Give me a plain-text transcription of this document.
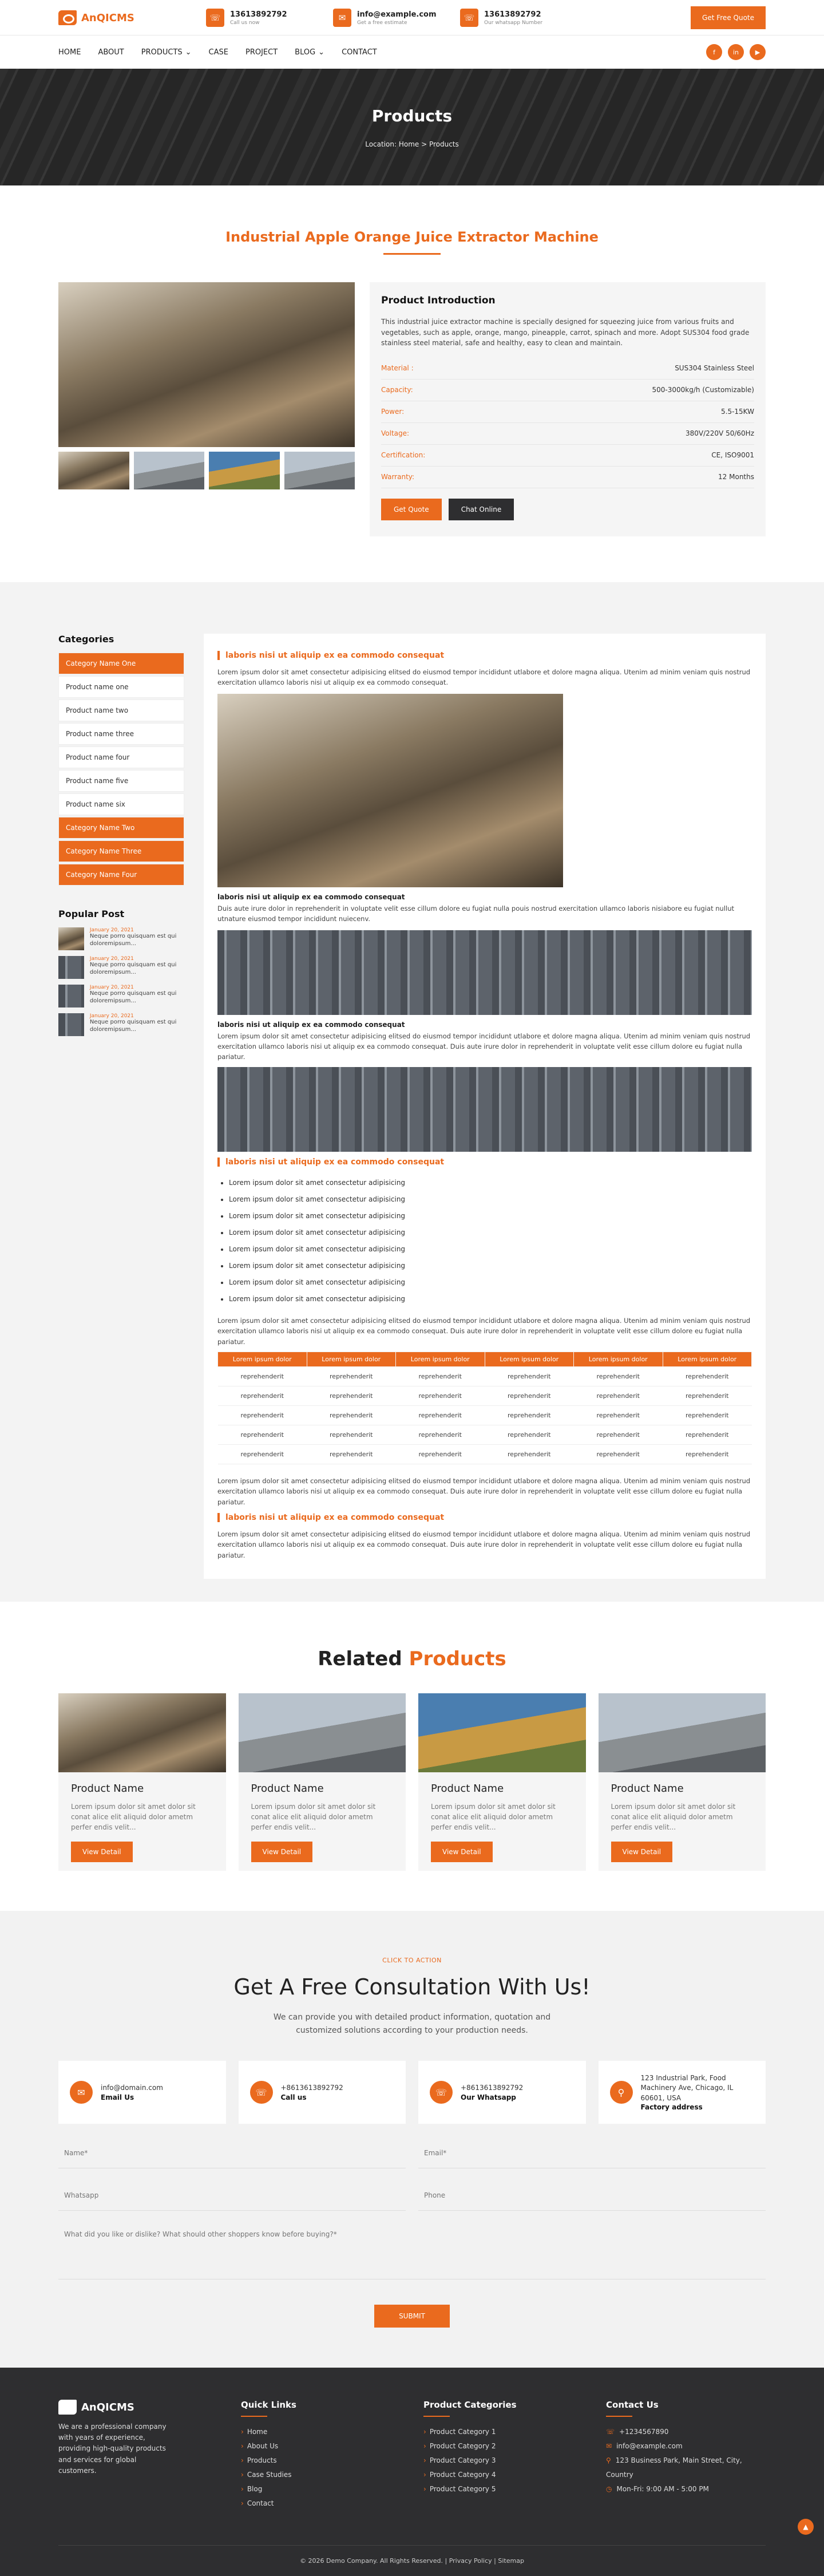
AnQICMS	☏	13613892792
Call us now	✉	info@example.com
Get a free estimate	☏	13613892792
Our whatsapp Number
Get Free Quote
HOME ABOUT PRODUCTS ⌄ CASE PROJECT BLOG ⌄ CONTACT	f	in	▶
Products
Location: Home > Products
Industrial Apple Orange Juice Extractor Machine
Product Introduction

This industrial juice extractor machine is specially designed for squeezing juice from various fruits and vegetables, such as apple, orange, mango, pineapple, carrot, spinach and more. Adopt SUS304 food grade stainless steel material, safe and healthy, easy to clean and maintain.

Material :	SUS304 Stainless Steel
Capacity:	500-3000kg/h (Customizable)
Power:	5.5-15KW
Voltage:	380V/220V 50/60Hz
Certification:	CE, ISO9001
Warranty:	12 Months
Get Quote	Chat Online
Categories
Category Name One
Product name one
Product name two
Product name three
Product name four
Product name five
Product name six
Category Name Two
Category Name Three
Category Name Four
Popular Post
January 20, 2021
Neque porro quisquam est qui doloremipsum...
January 20, 2021
Neque porro quisquam est qui doloremipsum...
January 20, 2021
Neque porro quisquam est qui doloremipsum...
January 20, 2021
Neque porro quisquam est qui doloremipsum...
laboris nisi ut aliquip ex ea commodo consequat
Lorem ipsum dolor sit amet consectetur adipisicing elitsed do eiusmod tempor incididunt utlabore et dolore magna aliqua. Utenim ad minim veniam quis nostrud exercitation ullamco laboris nisi ut aliquip ex ea commodo consequat.
laboris nisi ut aliquip ex ea commodo consequat
Duis aute irure dolor in reprehenderit in voluptate velit esse cillum dolore eu fugiat nulla pouis nostrud exercitation ullamco laboris nisiabore eu fugiat nullut utnature eiusmod tempor incididunt nuiecenv.
laboris nisi ut aliquip ex ea commodo consequat
Lorem ipsum dolor sit amet consectetur adipisicing elitsed do eiusmod tempor incididunt utlabore et dolore magna aliqua. Utenim ad minim veniam quis nostrud exercitation ullamco laboris nisi ut aliquip ex ea commodo consequat. Duis aute irure dolor in reprehenderit in voluptate velit esse cillum dolore eu fugiat nulla pariatur.
laboris nisi ut aliquip ex ea commodo consequat
• Lorem ipsum dolor sit amet consectetur adipisicing
• Lorem ipsum dolor sit amet consectetur adipisicing
• Lorem ipsum dolor sit amet consectetur adipisicing
• Lorem ipsum dolor sit amet consectetur adipisicing
• Lorem ipsum dolor sit amet consectetur adipisicing
• Lorem ipsum dolor sit amet consectetur adipisicing
• Lorem ipsum dolor sit amet consectetur adipisicing
• Lorem ipsum dolor sit amet consectetur adipisicing
Lorem ipsum dolor sit amet consectetur adipisicing elitsed do eiusmod tempor incididunt utlabore et dolore magna aliqua. Utenim ad minim veniam quis nostrud exercitation ullamco laboris nisi ut aliquip ex ea commodo consequat. Duis aute irure dolor in reprehenderit in voluptate velit esse cillum dolore eu fugiat nulla pariatur.
Lorem ipsum dolor	Lorem ipsum dolor	Lorem ipsum dolor	Lorem ipsum dolor	Lorem ipsum dolor	Lorem ipsum dolor
reprehenderit	reprehenderit	reprehenderit	reprehenderit	reprehenderit	reprehenderit
reprehenderit	reprehenderit	reprehenderit	reprehenderit	reprehenderit	reprehenderit
reprehenderit	reprehenderit	reprehenderit	reprehenderit	reprehenderit	reprehenderit
reprehenderit	reprehenderit	reprehenderit	reprehenderit	reprehenderit	reprehenderit
reprehenderit	reprehenderit	reprehenderit	reprehenderit	reprehenderit	reprehenderit
Lorem ipsum dolor sit amet consectetur adipisicing elitsed do eiusmod tempor incididunt utlabore et dolore magna aliqua. Utenim ad minim veniam quis nostrud exercitation ullamco laboris nisi ut aliquip ex ea commodo consequat. Duis aute irure dolor in reprehenderit in voluptate velit esse cillum dolore eu fugiat nulla pariatur.
laboris nisi ut aliquip ex ea commodo consequat
Lorem ipsum dolor sit amet consectetur adipisicing elitsed do eiusmod tempor incididunt utlabore et dolore magna aliqua. Utenim ad minim veniam quis nostrud exercitation ullamco laboris nisi ut aliquip ex ea commodo consequat. Duis aute irure dolor in reprehenderit in voluptate velit esse cillum dolore eu fugiat nulla pariatur.
Related Products
Product Name

Lorem ipsum dolor sit amet dolor sit conat alice elit aliquid dolor ametm perfer endis velit...

View Detail
Product Name

Lorem ipsum dolor sit amet dolor sit conat alice elit aliquid dolor ametm perfer endis velit...

View Detail
Product Name

Lorem ipsum dolor sit amet dolor sit conat alice elit aliquid dolor ametm perfer endis velit...

View Detail
Product Name

Lorem ipsum dolor sit amet dolor sit conat alice elit aliquid dolor ametm perfer endis velit...

View Detail
CLICK TO ACTION
Get A Free Consultation With Us!
We can provide you with detailed product information, quotation and customized solutions according to your production needs.
✉	info@domain.com
Email Us	☏	+8613613892792
Call us	☏	+8613613892792
Our Whatsapp	⚲
123 Industrial Park, Food Machinery Ave, Chicago, IL 60601, USA
Factory address
Name*
Email*
Whatsapp
Phone
What did you like or dislike? What should other shoppers know before buying?*
SUBMIT
AnQICMS
We are a professional company with years of experience, providing high-quality products and services for global customers.
Quick Links
› Home
› About Us
› Products
› Case Studies
› Blog
› Contact
Product Categories
› Product Category 1
› Product Category 2
› Product Category 3
› Product Category 4
› Product Category 5
Contact Us
☏ +1234567890
✉ info@example.com
⚲ 123 Business Park, Main Street, City, Country
◷ Mon-Fri: 9:00 AM - 5:00 PM
© 2026 Demo Company. All Rights Reserved. | Privacy Policy | Sitemap
▲
